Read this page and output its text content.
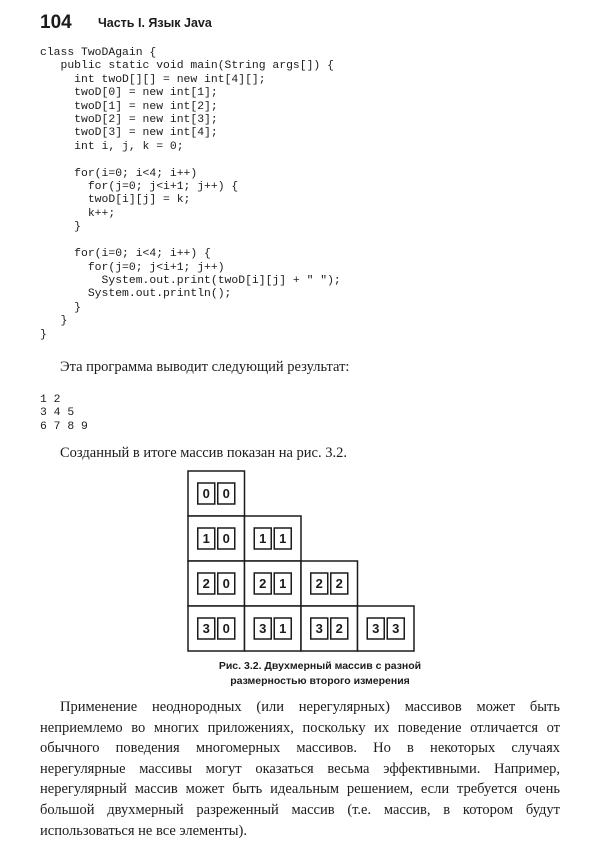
104 Часть I. Язык Java
class TwoDAgain {
public static void main(String args[]) {
int twoD[][] = new int[4][];
twoD[0] = new int[1];
twoD[1] = new int[2];
twoD[2] = new int[3];
twoD[3] = new int[4];
int i, j, k = 0;

for(i=0; i<4; i++)
for(j=0; j<i+1; j++) {
twoD[i][j] = k;
k++;
}

for(i=0; i<4; i++) {
for(j=0; j<i+1; j++)
System.out.print(twoD[i][j] + " ");
System.out.println();
}
}
}
Эта программа выводит следующий результат:
1 2
3 4 5
6 7 8 9
Созданный в итоге массив показан на рис. 3.2.
0 0
1 0 1 1
2 0 2 1 2 2
3 0 3 1 3 2 3 3
Рис. 3.2. Двухмерный массив с разной
размерностью второго измерения
Применение неоднородных (или нерегулярных) массивов может быть неприемлемо во многих приложениях, поскольку их поведение отличается от обычного поведения многомерных массивов. Но в некоторых случаях нерегулярные массивы могут оказаться весьма эффективными. Например, нерегулярный массив может быть идеальным решением, если требуется очень большой двухмерный разреженный массив (т.е. массив, в котором будут использоваться не все элементы).
